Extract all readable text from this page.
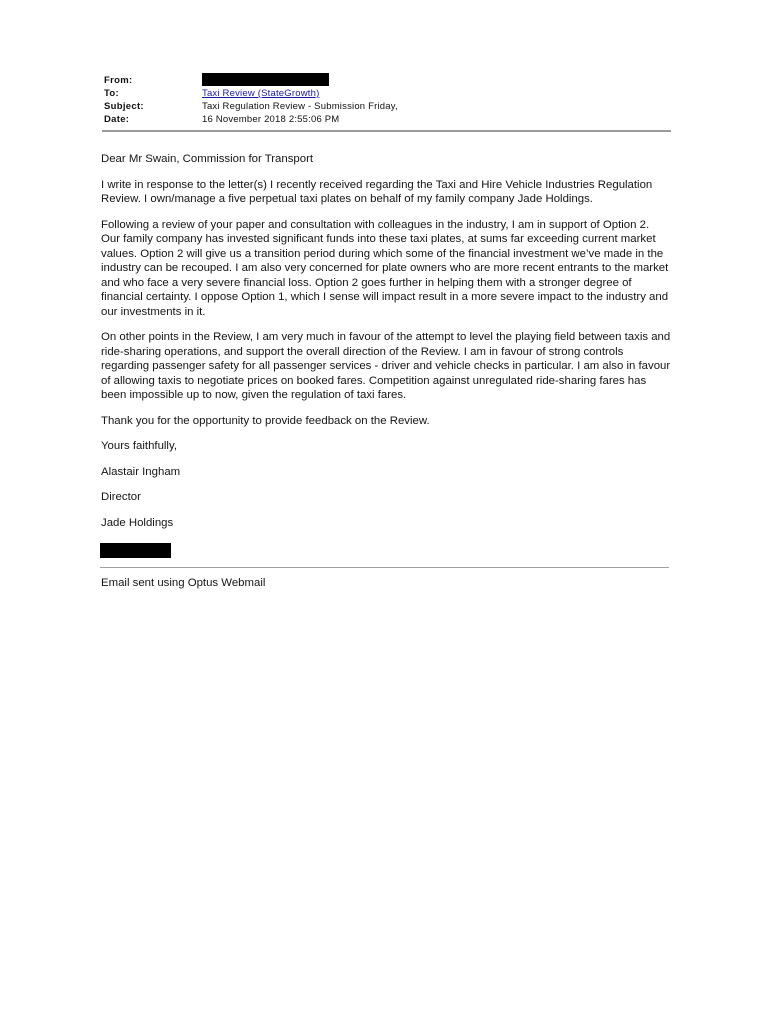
From:
To:	Taxi Review (StateGrowth)
Subject:	Taxi Regulation Review - Submission Friday,
Date:	16 November 2018 2:55:06 PM

Dear Mr Swain, Commission for Transport

I write in response to the letter(s) I recently received regarding the Taxi and Hire Vehicle Industries Regulation Review. I own/manage a five perpetual taxi plates on behalf of my family company Jade Holdings.

Following a review of your paper and consultation with colleagues in the industry, I am in support of Option 2. Our family company has invested significant funds into these taxi plates, at sums far exceeding current market values. Option 2 will give us a transition period during which some of the financial investment we’ve made in the industry can be recouped. I am also very concerned for plate owners who are more recent entrants to the market and who face a very severe financial loss. Option 2 goes further in helping them with a stronger degree of financial certainty. I oppose Option 1, which I sense will impact result in a more severe impact to the industry and our investments in it.

On other points in the Review, I am very much in favour of the attempt to level the playing field between taxis and ride-sharing operations, and support the overall direction of the Review. I am in favour of strong controls regarding passenger safety for all passenger services - driver and vehicle checks in particular. I am also in favour of allowing taxis to negotiate prices on booked fares. Competition against unregulated ride-sharing fares has been impossible up to now, given the regulation of taxi fares.

Thank you for the opportunity to provide feedback on the Review.

Yours faithfully,

Alastair Ingham

Director

Jade Holdings

Email sent using Optus Webmail
